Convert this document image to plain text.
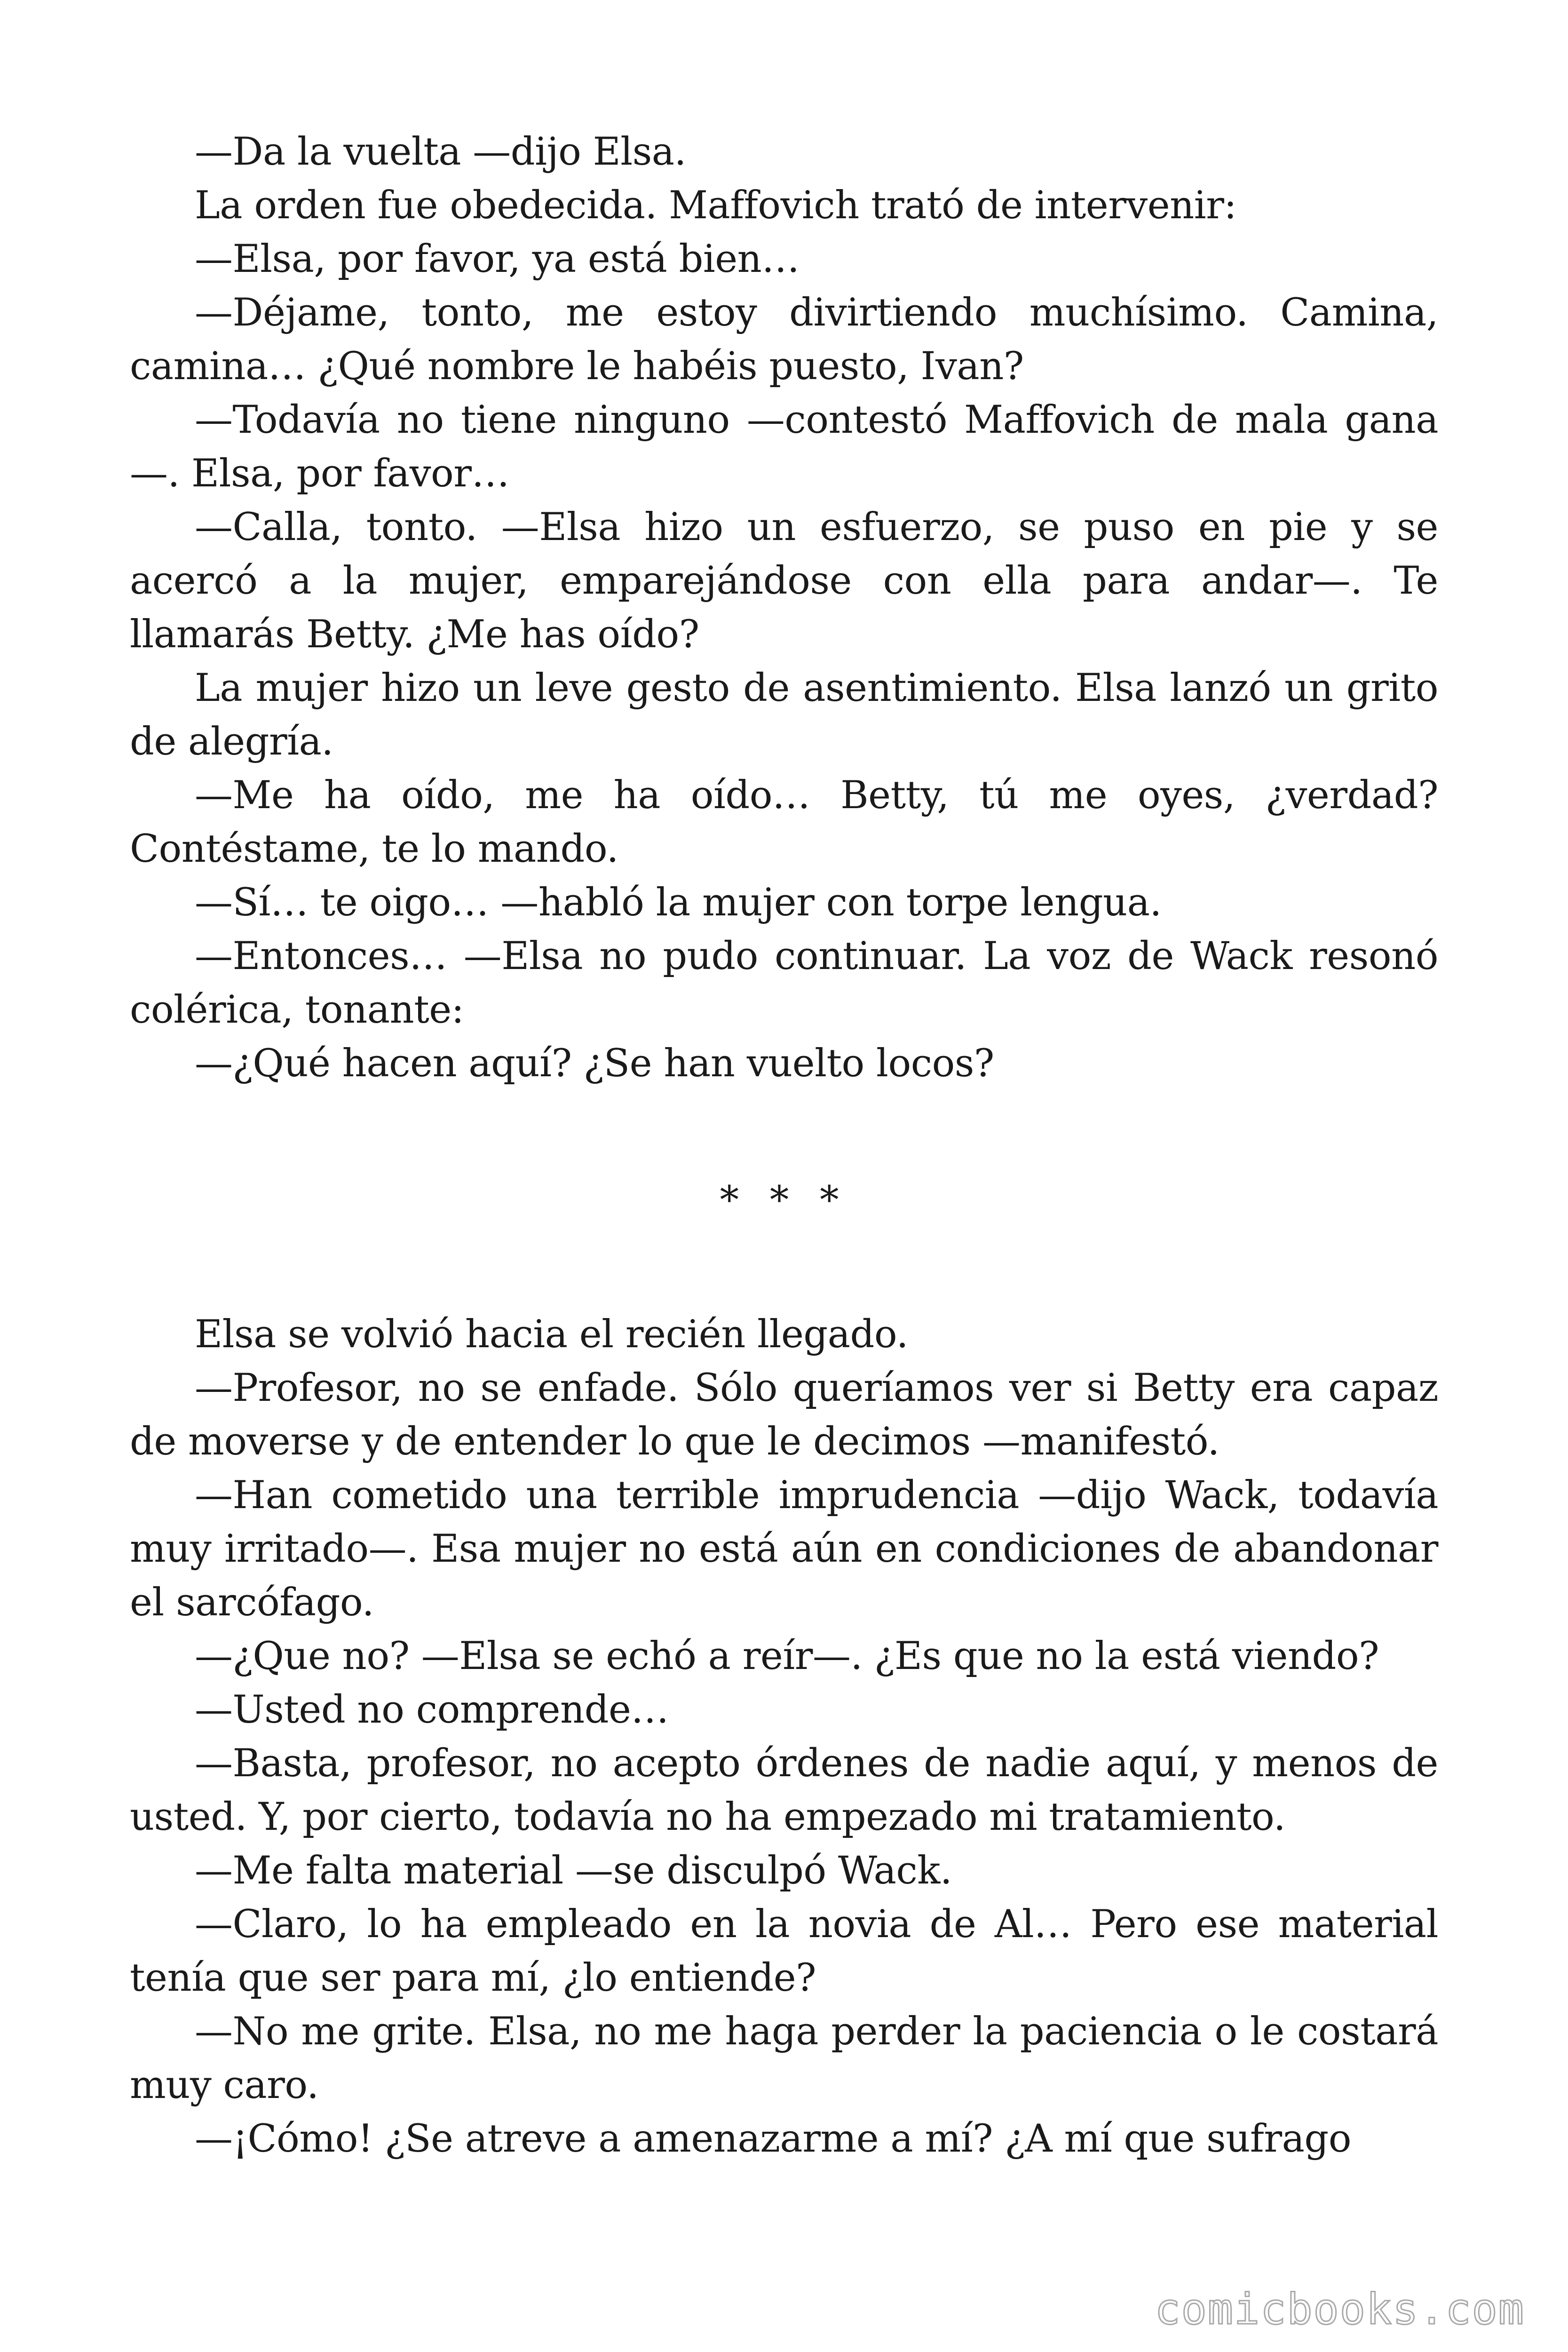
—Da la vuelta —dijo Elsa.

La orden fue obedecida. Maffovich trató de intervenir:

—Elsa, por favor, ya está bien…

—Déjame, tonto, me estoy divirtiendo muchísimo. Camina, camina… ¿Qué nombre le habéis puesto, Ivan?

—Todavía no tiene ninguno —contestó Maffovich de mala gana —. Elsa, por favor…

—Calla, tonto. —Elsa hizo un esfuerzo, se puso en pie y se acercó a la mujer, emparejándose con ella para andar—. Te llamarás Betty. ¿Me has oído?

La mujer hizo un leve gesto de asentimiento. Elsa lanzó un grito de alegría.

—Me ha oído, me ha oído… Betty, tú me oyes, ¿verdad? Contéstame, te lo mando.

—Sí… te oigo… —habló la mujer con torpe lengua.

—Entonces… —Elsa no pudo continuar. La voz de Wack resonó colérica, tonante:

—¿Qué hacen aquí? ¿Se han vuelto locos?

* * *

Elsa se volvió hacia el recién llegado.

—Profesor, no se enfade. Sólo queríamos ver si Betty era capaz de moverse y de entender lo que le decimos —manifestó.

—Han cometido una terrible imprudencia —dijo Wack, todavía muy irritado—. Esa mujer no está aún en condiciones de abandonar el sarcófago.

—¿Que no? —Elsa se echó a reír—. ¿Es que no la está viendo?

—Usted no comprende…

—Basta, profesor, no acepto órdenes de nadie aquí, y menos de usted. Y, por cierto, todavía no ha empezado mi tratamiento.

—Me falta material —se disculpó Wack.

—Claro, lo ha empleado en la novia de Al… Pero ese material tenía que ser para mí, ¿lo entiende?

—No me grite. Elsa, no me haga perder la paciencia o le costará muy caro.

—¡Cómo! ¿Se atreve a amenazarme a mí? ¿A mí que sufrago

comicbooks.com
